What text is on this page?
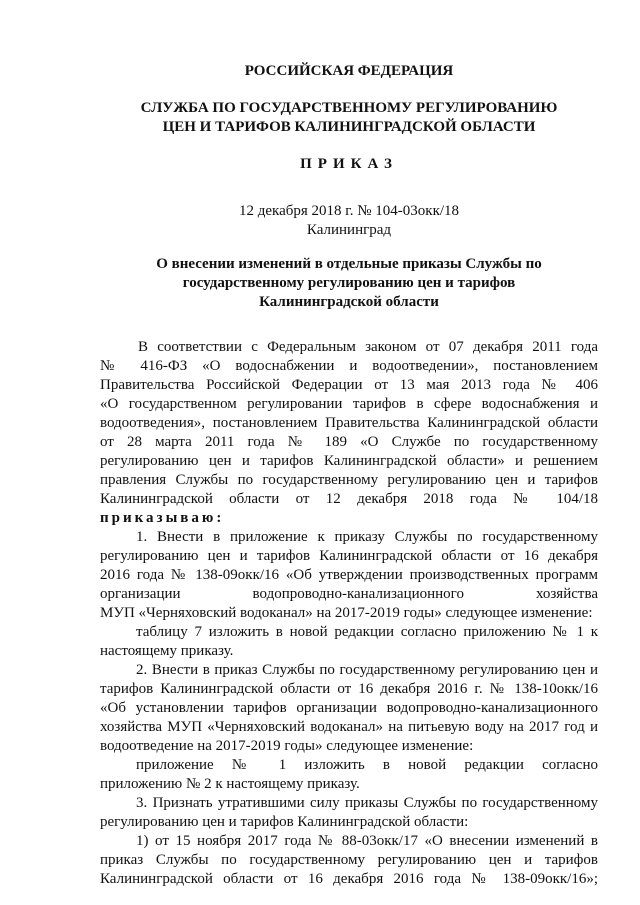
РОССИЙСКАЯ ФЕДЕРАЦИЯ
СЛУЖБА ПО ГОСУДАРСТВЕННОМУ РЕГУЛИРОВАНИЮ
ЦЕН И ТАРИФОВ КАЛИНИНГРАДСКОЙ ОБЛАСТИ
ПРИКАЗ
12 декабря 2018 г. № 104-03окк/18
Калининград
О внесении изменений в отдельные приказы Службы по
государственному регулированию цен и тарифов
Калининградской области
В соответствии с Федеральным законом от 07 декабря 2011 года
№ 416-ФЗ «О водоснабжении и водоотведении», постановлением
Правительства Российской Федерации от 13 мая 2013 года № 406
«О государственном регулировании тарифов в сфере водоснабжения и
водоотведения», постановлением Правительства Калининградской области
от 28 марта 2011 года № 189 «О Службе по государственному
регулированию цен и тарифов Калининградской области» и решением
правления Службы по государственному регулированию цен и тарифов
Калининградской области от 12 декабря 2018 года № 104/18
приказываю:
1. Внести в приложение к приказу Службы по государственному
регулированию цен и тарифов Калининградской области от 16 декабря
2016 года № 138-09окк/16 «Об утверждении производственных программ
организации водопроводно-канализационного хозяйства
МУП «Черняховский водоканал» на 2017-2019 годы» следующее изменение:
таблицу 7 изложить в новой редакции согласно приложению № 1 к
настоящему приказу.
2. Внести в приказ Службы по государственному регулированию цен и
тарифов Калининградской области от 16 декабря 2016 г. № 138-10окк/16
«Об установлении тарифов организации водопроводно-канализационного
хозяйства МУП «Черняховский водоканал» на питьевую воду на 2017 год и
водоотведение на 2017-2019 годы» следующее изменение:
приложение № 1 изложить в новой редакции согласно
приложению № 2 к настоящему приказу.
3. Признать утратившими силу приказы Службы по государственному
регулированию цен и тарифов Калининградской области:
1) от 15 ноября 2017 года № 88-03окк/17 «О внесении изменений в
приказ Службы по государственному регулированию цен и тарифов
Калининградской области от 16 декабря 2016 года № 138-09окк/16»;
